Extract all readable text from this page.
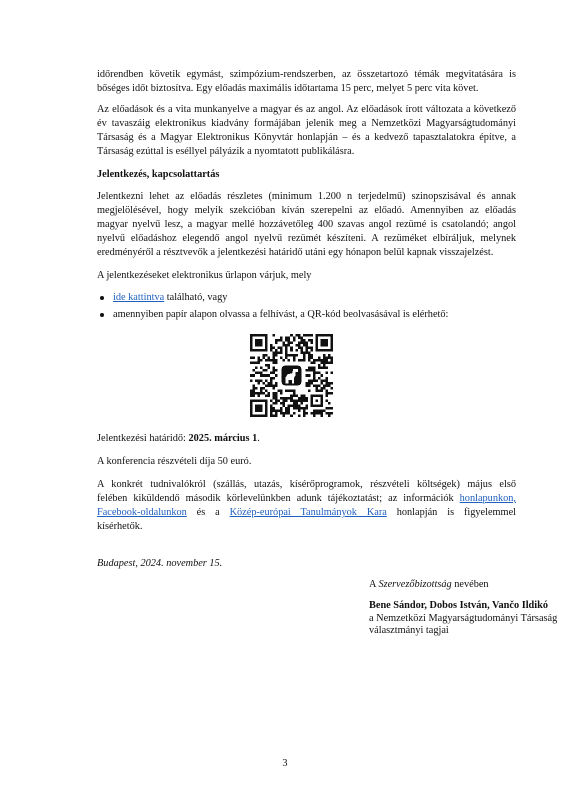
időrendben követik egymást, szimpózium-rendszerben, az összetartozó témák megvitatására is
bőséges időt biztosítva. Egy előadás maximális időtartama 15 perc, melyet 5 perc vita követ.
Az előadások és a vita munkanyelve a magyar és az angol. Az előadások írott változata a következő
év tavaszáig elektronikus kiadvány formájában jelenik meg a Nemzetközi Magyarságtudományi
Társaság és a Magyar Elektronikus Könyvtár honlapján – és a kedvező tapasztalatokra építve, a
Társaság ezúttal is eséllyel pályázik a nyomtatott publikálásra.
Jelentkezés, kapcsolattartás
Jelentkezni lehet az előadás részletes (minimum 1.200 n terjedelmű) szinopszisával és annak
megjelölésével, hogy melyik szekcióban kíván szerepelni az előadó. Amennyiben az előadás
magyar nyelvű lesz, a magyar mellé hozzávetőleg 400 szavas angol rezümé is csatolandó; angol
nyelvű előadáshoz elegendő angol nyelvű rezümét készíteni. A rezüméket elbíráljuk, melynek
eredményéről a résztvevők a jelentkezési határidő utáni egy hónapon belül kapnak visszajelzést.
A jelentkezéseket elektronikus űrlapon várjuk, mely
ide kattintva található, vagy
amennyiben papír alapon olvassa a felhívást, a QR-kód beolvasásával is elérhető:
Jelentkezési határidő: 2025. március 1.
A konferencia részvételi díja 50 euró.
A konkrét tudnivalókról (szállás, utazás, kísérőprogramok, részvételi költségek) május első
felében kiküldendő második körlevelünkben adunk tájékoztatást; az információk honlapunkon,
Facebook-oldalunkon és a Közép-európai Tanulmányok Kara honlapján is figyelemmel
kísérhetők.
Budapest, 2024. november 15.
A Szervezőbizottság nevében
Bene Sándor, Dobos István, Vančo Ildikó
a Nemzetközi Magyarságtudományi Társaság
választmányi tagjai
3
